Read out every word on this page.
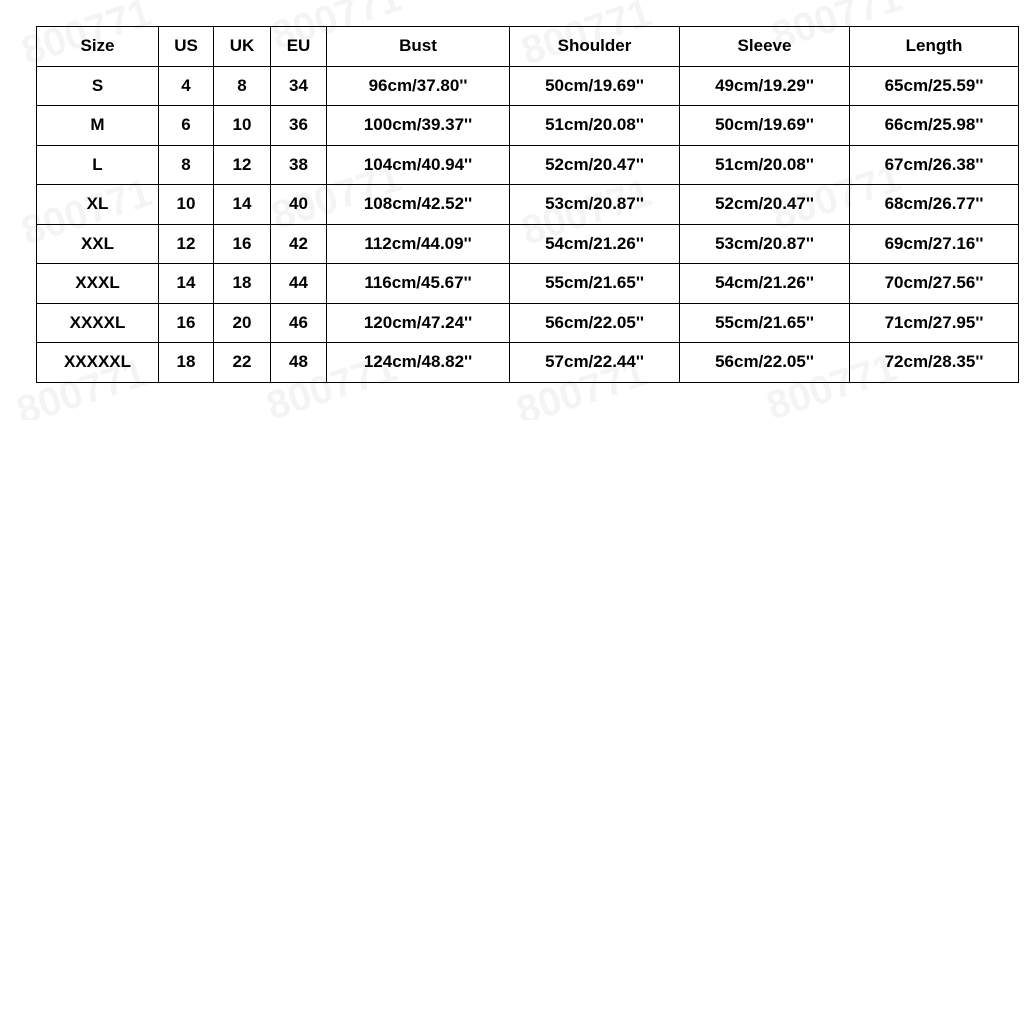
Size	US	UK	EU	Bust	Shoulder	Sleeve	Length
S	4	8	34	96cm/37.80''	50cm/19.69''	49cm/19.29''	65cm/25.59''
M	6	10	36	100cm/39.37''	51cm/20.08''	50cm/19.69''	66cm/25.98''
L	8	12	38	104cm/40.94''	52cm/20.47''	51cm/20.08''	67cm/26.38''
XL	10	14	40	108cm/42.52''	53cm/20.87''	52cm/20.47''	68cm/26.77''
XXL	12	16	42	112cm/44.09''	54cm/21.26''	53cm/20.87''	69cm/27.16''
XXXL	14	18	44	116cm/45.67''	55cm/21.65''	54cm/21.26''	70cm/27.56''
XXXXL	16	20	46	120cm/47.24''	56cm/22.05''	55cm/21.65''	71cm/27.95''
XXXXXL	18	22	48	124cm/48.82''	57cm/22.44''	56cm/22.05''	72cm/28.35''
